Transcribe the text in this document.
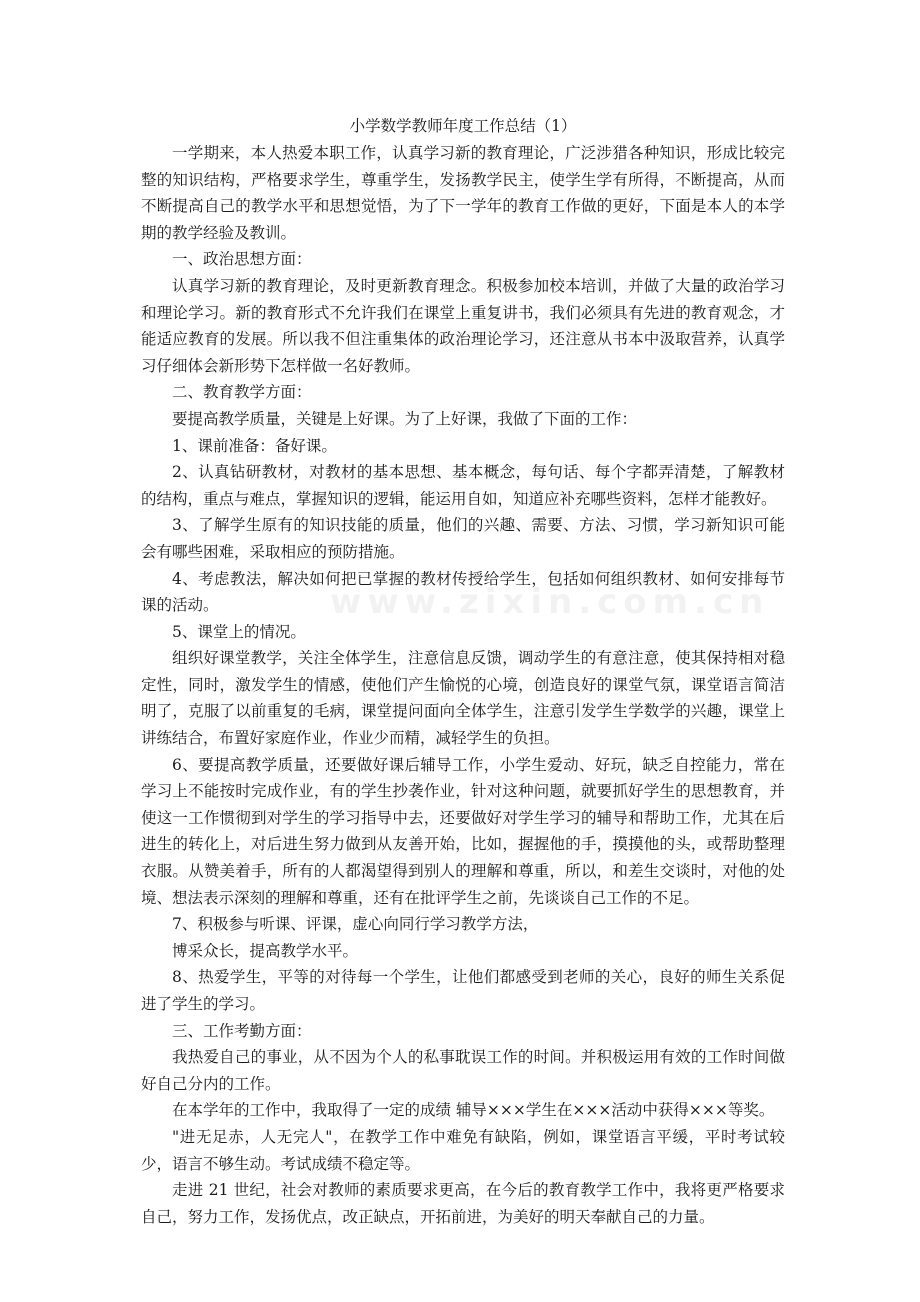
www.zixin.com.cn
小学数学教师年度工作总结（1）

一学期来，本人热爱本职工作，认真学习新的教育理论，广泛涉猎各种知识，形成比较完整的知识结构，严格要求学生，尊重学生，发扬教学民主，使学生学有所得，不断提高，从而不断提高自己的教学水平和思想觉悟，为了下一学年的教育工作做的更好，下面是本人的本学期的教学经验及教训。

一、政治思想方面：

认真学习新的教育理论，及时更新教育理念。积极参加校本培训，并做了大量的政治学习和理论学习。新的教育形式不允许我们在课堂上重复讲书，我们必须具有先进的教育观念，才能适应教育的发展。所以我不但注重集体的政治理论学习，还注意从书本中汲取营养，认真学习仔细体会新形势下怎样做一名好教师。

二、教育教学方面：

要提高教学质量，关键是上好课。为了上好课，我做了下面的工作：

1、课前准备：备好课。

2、认真钻研教材，对教材的基本思想、基本概念，每句话、每个字都弄清楚，了解教材的结构，重点与难点，掌握知识的逻辑，能运用自如，知道应补充哪些资料，怎样才能教好。

3、了解学生原有的知识技能的质量，他们的兴趣、需要、方法、习惯，学习新知识可能会有哪些困难，采取相应的预防措施。

4、考虑教法，解决如何把已掌握的教材传授给学生，包括如何组织教材、如何安排每节课的活动。

5、课堂上的情况。

组织好课堂教学，关注全体学生，注意信息反馈，调动学生的有意注意，使其保持相对稳定性，同时，激发学生的情感，使他们产生愉悦的心境，创造良好的课堂气氛，课堂语言简洁明了，克服了以前重复的毛病，课堂提问面向全体学生，注意引发学生学数学的兴趣，课堂上讲练结合，布置好家庭作业，作业少而精，减轻学生的负担。

6、要提高教学质量，还要做好课后辅导工作，小学生爱动、好玩，缺乏自控能力，常在学习上不能按时完成作业，有的学生抄袭作业，针对这种问题，就要抓好学生的思想教育，并使这一工作惯彻到对学生的学习指导中去，还要做好对学生学习的辅导和帮助工作，尤其在后进生的转化上，对后进生努力做到从友善开始，比如，握握他的手，摸摸他的头，或帮助整理衣服。从赞美着手，所有的人都渴望得到别人的理解和尊重，所以，和差生交谈时，对他的处境、想法表示深刻的理解和尊重，还有在批评学生之前，先谈谈自己工作的不足。

7、积极参与听课、评课，虚心向同行学习教学方法，

博采众长，提高教学水平。

8、热爱学生，平等的对待每一个学生，让他们都感受到老师的关心，良好的师生关系促进了学生的学习。

三、工作考勤方面：

我热爱自己的事业，从不因为个人的私事耽误工作的时间。并积极运用有效的工作时间做好自己分内的工作。

在本学年的工作中，我取得了一定的成绩 辅导×××学生在×××活动中获得×××等奖。

"进无足赤，人无完人"，在教学工作中难免有缺陷，例如，课堂语言平缓，平时考试较少，语言不够生动。考试成绩不稳定等。

走进 21 世纪，社会对教师的素质要求更高，在今后的教育教学工作中，我将更严格要求自己，努力工作，发扬优点，改正缺点，开拓前进，为美好的明天奉献自己的力量。
